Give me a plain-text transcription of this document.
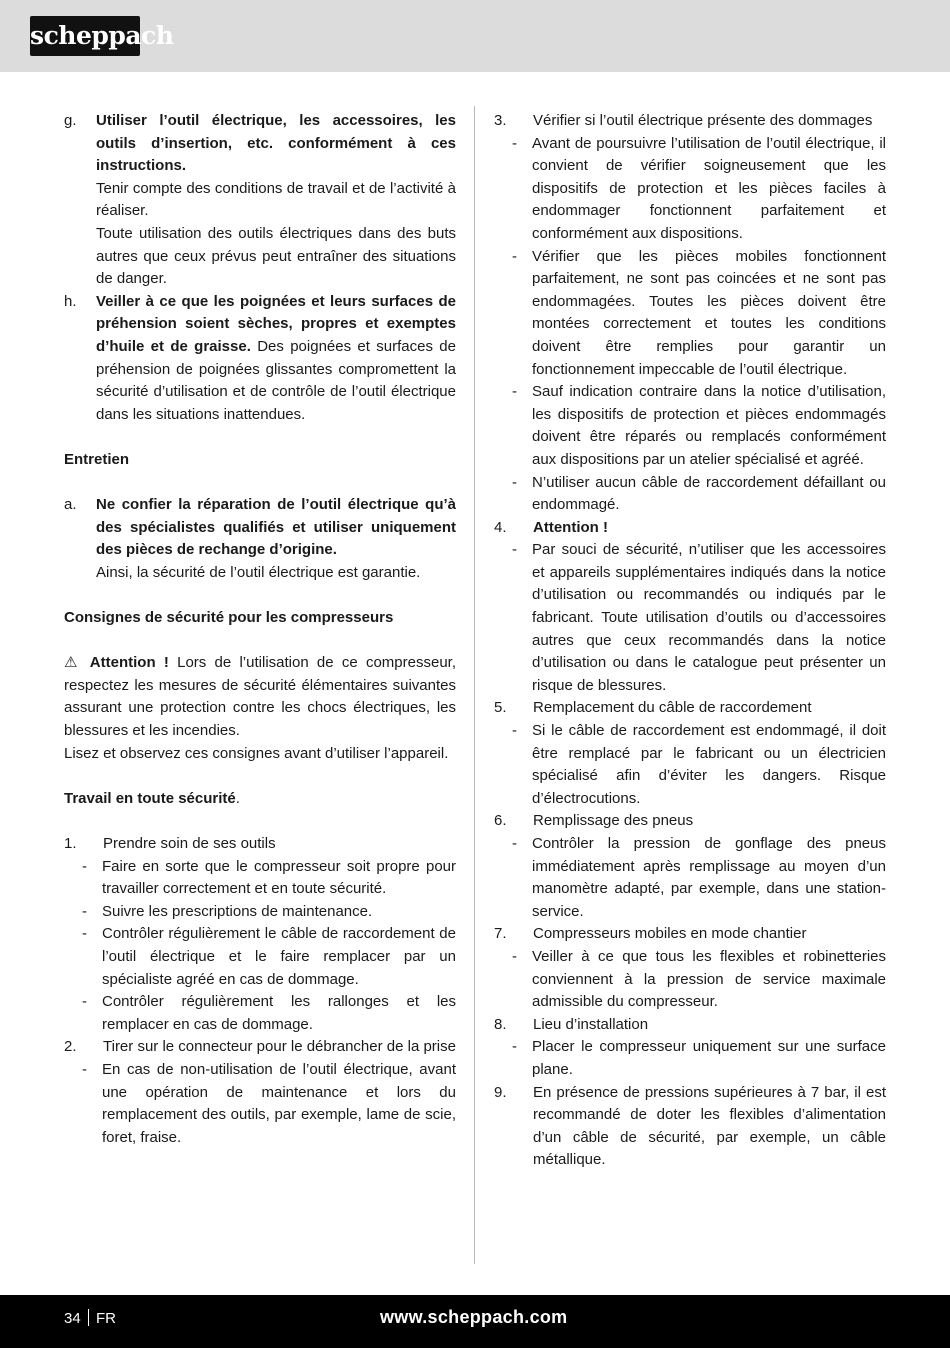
scheppach
g.	Utiliser l’outil électrique, les accessoires, les outils d’insertion, etc. conformément à ces instructions.
Tenir compte des conditions de travail et de l’activité à réaliser.
Toute utilisation des outils électriques dans des buts autres que ceux prévus peut entraîner des situations de danger.
h.	Veiller à ce que les poignées et leurs surfaces de préhension soient sèches, propres et exemptes d’huile et de graisse. Des poignées et surfaces de préhension de poignées glissantes compromettent la sécurité d’utilisation et de contrôle de l’outil électrique dans les situations inattendues.
Entretien
a.	Ne confier la réparation de l’outil électrique qu’à des spécialistes qualifiés et utiliser uniquement des pièces de rechange d’origine.
Ainsi, la sécurité de l’outil électrique est garantie.
Consignes de sécurité pour les compresseurs
⚠ Attention ! Lors de l’utilisation de ce compresseur, respectez les mesures de sécurité élémentaires suivantes assurant une protection contre les chocs électriques, les blessures et les incendies.
Lisez et observez ces consignes avant d’utiliser l’appareil.
Travail en toute sécurité.
1.	Prendre soin de ses outils
-	Faire en sorte que le compresseur soit propre pour travailler correctement et en toute sécurité.
-	Suivre les prescriptions de maintenance.
-	Contrôler régulièrement le câble de raccordement de l’outil électrique et le faire remplacer par un spécialiste agréé en cas de dommage.
-	Contrôler régulièrement les rallonges et les remplacer en cas de dommage.
2.	Tirer sur le connecteur pour le débrancher de la prise
-	En cas de non-utilisation de l’outil électrique, avant une opération de maintenance et lors du remplacement des outils, par exemple, lame de scie, foret, fraise.
3.	Vérifier si l’outil électrique présente des dommages
-	Avant de poursuivre l’utilisation de l’outil électrique, il convient de vérifier soigneusement que les dispositifs de protection et les pièces faciles à endommager fonctionnent parfaitement et conformément aux dispositions.
-	Vérifier que les pièces mobiles fonctionnent parfaitement, ne sont pas coincées et ne sont pas endommagées. Toutes les pièces doivent être montées correctement et toutes les conditions doivent être remplies pour garantir un fonctionnement impeccable de l’outil électrique.
-	Sauf indication contraire dans la notice d’utilisation, les dispositifs de protection et pièces endommagés doivent être réparés ou remplacés conformément aux dispositions par un atelier spécialisé et agréé.
-	N’utiliser aucun câble de raccordement défaillant ou endommagé.
4.	Attention !
-	Par souci de sécurité, n’utiliser que les accessoires et appareils supplémentaires indiqués dans la notice d’utilisation ou recommandés ou indiqués par le fabricant. Toute utilisation d’outils ou d’accessoires autres que ceux recommandés dans la notice d’utilisation ou dans le catalogue peut présenter un risque de blessures.
5.	Remplacement du câble de raccordement
-	Si le câble de raccordement est endommagé, il doit être remplacé par le fabricant ou un électricien spécialisé afin d’éviter les dangers. Risque d’électrocutions.
6.	Remplissage des pneus
-	Contrôler la pression de gonflage des pneus immédiatement après remplissage au moyen d’un manomètre adapté, par exemple, dans une station-service.
7.	Compresseurs mobiles en mode chantier
-	Veiller à ce que tous les flexibles et robinetteries conviennent à la pression de service maximale admissible du compresseur.
8.	Lieu d’installation
-	Placer le compresseur uniquement sur une surface plane.
9.	En présence de pressions supérieures à 7 bar, il est recommandé de doter les flexibles d’alimentation d’un câble de sécurité, par exemple, un câble métallique.
34 FR	www.scheppach.com
